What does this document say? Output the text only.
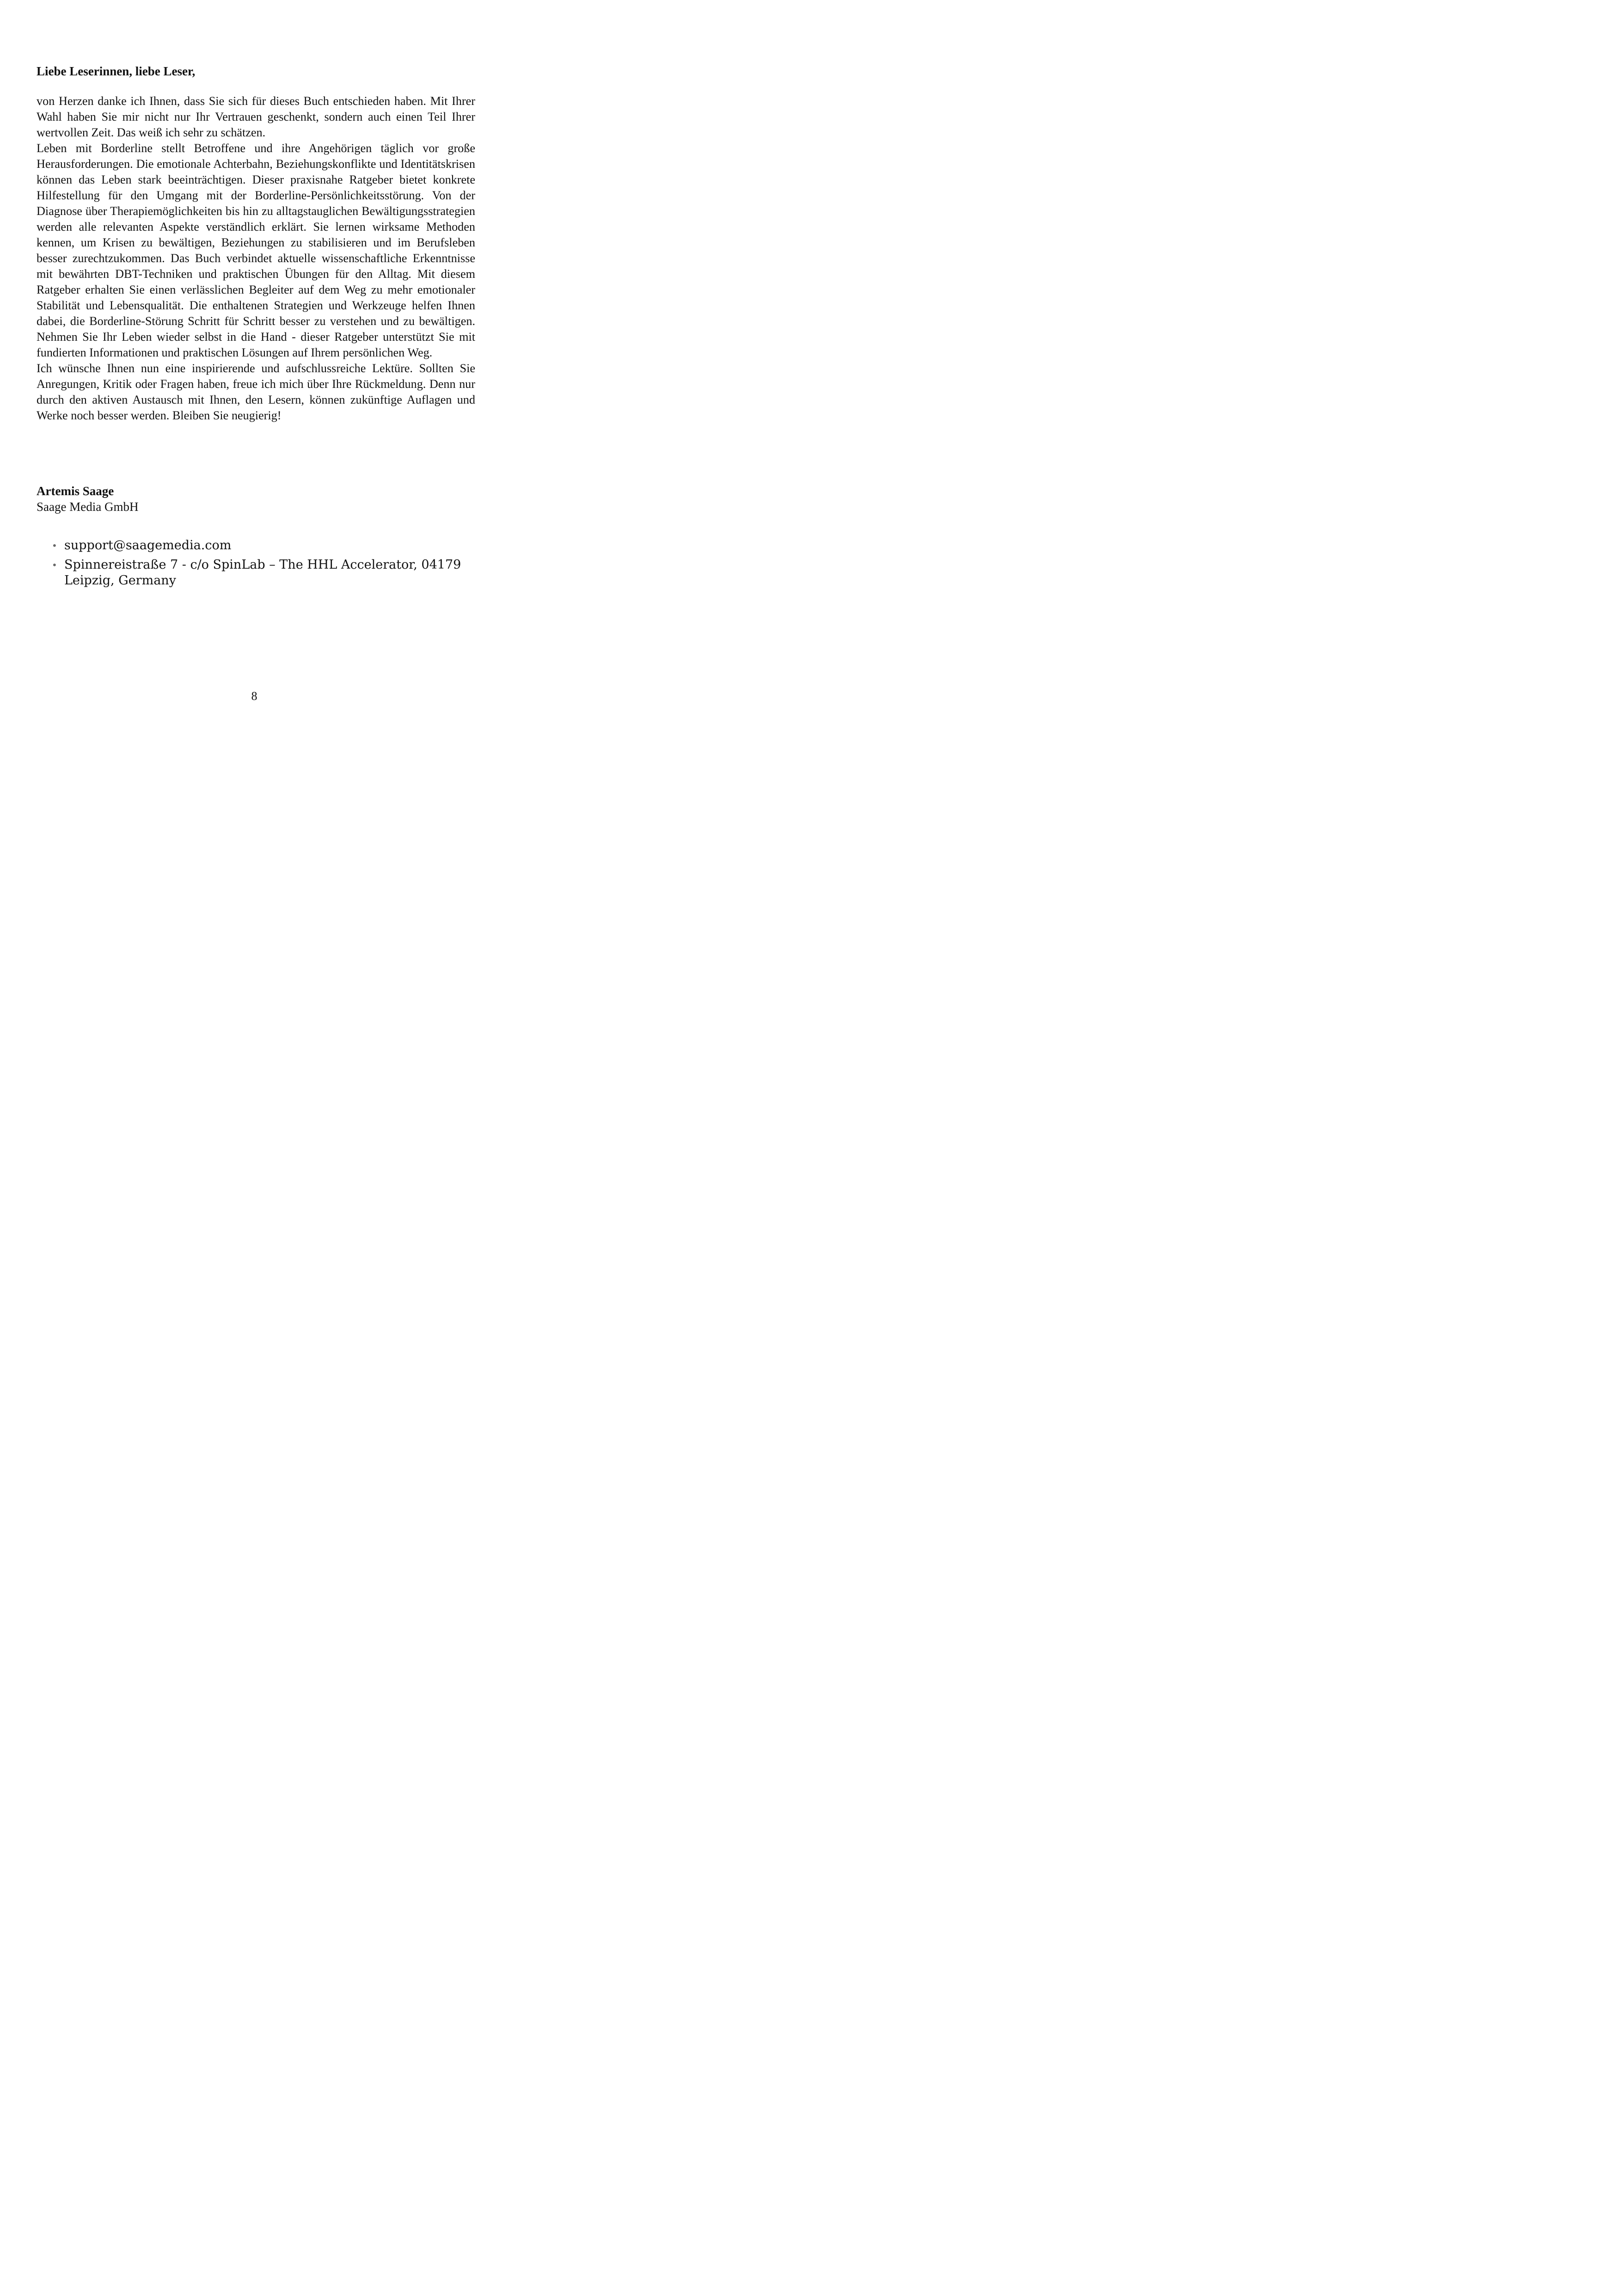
Liebe Leserinnen, liebe Leser,

von Herzen danke ich Ihnen, dass Sie sich für dieses Buch entschieden haben. Mit Ihrer Wahl haben Sie mir nicht nur Ihr Vertrauen geschenkt, sondern auch einen Teil Ihrer wertvollen Zeit. Das weiß ich sehr zu schätzen.

Leben mit Borderline stellt Betroffene und ihre Angehörigen täglich vor große Herausforderungen. Die emotionale Achterbahn, Beziehungskonflikte und Identitätskrisen können das Leben stark beeinträchtigen. Dieser praxisnahe Ratgeber bietet konkrete Hilfestellung für den Umgang mit der Borderline-Persönlichkeitsstörung. Von der Diagnose über Therapiemöglichkeiten bis hin zu alltagstauglichen Bewältigungsstrategien werden alle relevanten Aspekte verständlich erklärt. Sie lernen wirksame Methoden kennen, um Krisen zu bewältigen, Beziehungen zu stabilisieren und im Berufsleben besser zurechtzukommen. Das Buch verbindet aktuelle wissenschaftliche Erkenntnisse mit bewährten DBT-Techniken und praktischen Übungen für den Alltag. Mit diesem Ratgeber erhalten Sie einen verlässlichen Begleiter auf dem Weg zu mehr emotionaler Stabilität und Lebensqualität. Die enthaltenen Strategien und Werkzeuge helfen Ihnen dabei, die Borderline-Störung Schritt für Schritt besser zu verstehen und zu bewältigen. Nehmen Sie Ihr Leben wieder selbst in die Hand - dieser Ratgeber unterstützt Sie mit fundierten Informationen und praktischen Lösungen auf Ihrem persönlichen Weg.

Ich wünsche Ihnen nun eine inspirierende und aufschlussreiche Lektüre. Sollten Sie Anregungen, Kritik oder Fragen haben, freue ich mich über Ihre Rückmeldung. Denn nur durch den aktiven Austausch mit Ihnen, den Lesern, können zukünftige Auflagen und Werke noch besser werden. Bleiben Sie neugierig!

Artemis Saage
Saage Media GmbH
• support@saagemedia.com
• Spinnereistraße 7 - c/o SpinLab – The HHL Accelerator, 04179 Leipzig, Germany
8
